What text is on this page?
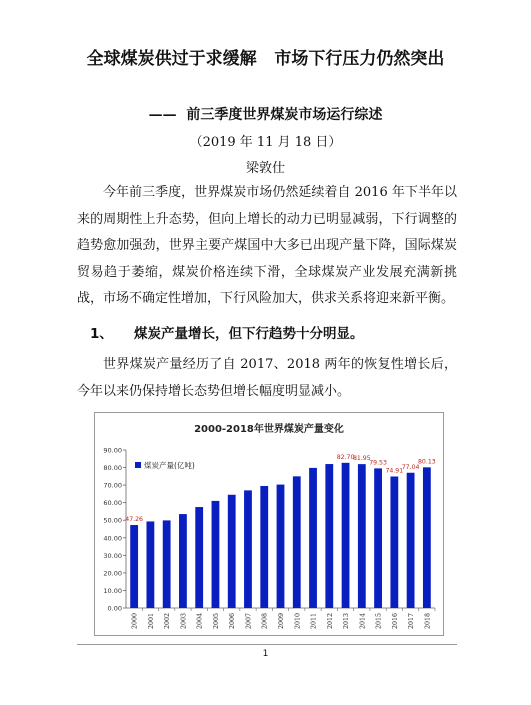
全球煤炭供过于求缓解   市场下行压力仍然突出
——  前三季度世界煤炭市场运行综述
（2019 年 11 月 18 日）
梁敦仕
今年前三季度，世界煤炭市场仍然延续着自 2016 年下半年以来的周期性上升态势，但向上增长的动力已明显减弱，下行调整的趋势愈加强劲，世界主要产煤国中大多已出现产量下降，国际煤炭贸易趋于萎缩，煤炭价格连续下滑，全球煤炭产业发展充满新挑战，市场不确定性增加，下行风险加大，供求关系将迎来新平衡。
1、 煤炭产量增长，但下行趋势十分明显。
世界煤炭产量经历了自 2017、2018 两年的恢复性增长后，今年以来仍保持增长态势但增长幅度明显减小。
2000-2018年世界煤炭产量变化
0.00
10.00
20.00
30.00
40.00
50.00
60.00
70.00
80.00
90.00
2000 2001 2002 2003 2004 2005 2006 2007 2008 2009 2010 2011 2012 2013 2014 2015 2016 2017 2018
47.26
82.70
81.95
79.53
74.91
77.04
80.13
煤炭产量(亿吨)
1
